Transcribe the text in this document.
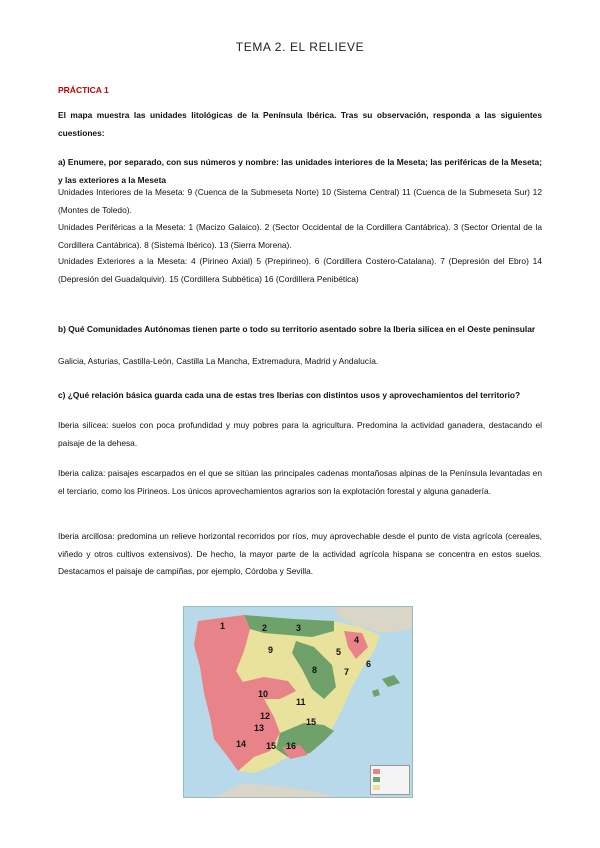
TEMA 2. EL RELIEVE
PRÁCTICA 1
El mapa muestra las unidades litológicas de la Península Ibérica. Tras su observación, responda a las siguientes cuestiones:
a) Enumere, por separado, con sus números y nombre: las unidades interiores de la Meseta; las periféricas de la Meseta; y las exteriores a la Meseta
Unidades Interiores de la Meseta: 9 (Cuenca de la Submeseta Norte) 10 (Sistema Central) 11 (Cuenca de la Submeseta Sur) 12 (Montes de Toledo).
Unidades Periféricas a la Meseta: 1 (Macizo Galaico). 2 (Sector Occidental de la Cordillera Cantábrica). 3 (Sector Oriental de la Cordillera Cantábrica). 8 (Sistema Ibérico). 13 (Sierra Morena).
Unidades Exteriores a la Meseta: 4 (Pirineo Axial) 5 (Prepirineo). 6 (Cordillera Costero-Catalana). 7 (Depresión del Ebro) 14 (Depresión del Guadalquivir). 15 (Cordillera Subbética) 16 (Cordillera Penibética)
b) Qué Comunidades Autónomas tienen parte o todo su territorio asentado sobre la Iberia silícea en el Oeste peninsular
Galicia, Asturias, Castilla-León, Castilla La Mancha, Extremadura, Madrid y Andalucía.
c) ¿Qué relación básica guarda cada una de estas tres Iberias con distintos usos y aprovechamientos del territorio?
Iberia silícea: suelos con poca profundidad y muy pobres para la agricultura. Predomina la actividad ganadera, destacando el paisaje de la dehesa.
Iberia caliza: paisajes escarpados en el que se sitúan las principales cadenas montañosas alpinas de la Península levantadas en el terciario, como los Pirineos. Los únicos aprovechamientos agrarios son la explotación forestal y alguna ganadería.
Iberia arcillosa: predomina un relieve horizontal recorridos por ríos, muy aprovechable desde el punto de vista agrícola (cereales, viñedo y otros cultivos extensivos). De hecho, la mayor parte de la actividad agrícola hispana se concentra en estos suelos. Destacamos el paisaje de campiñas, por ejemplo, Córdoba y Sevilla.
1	2	3
4
5
6
7
8
9
10
11
12
13
14
15
15 16
